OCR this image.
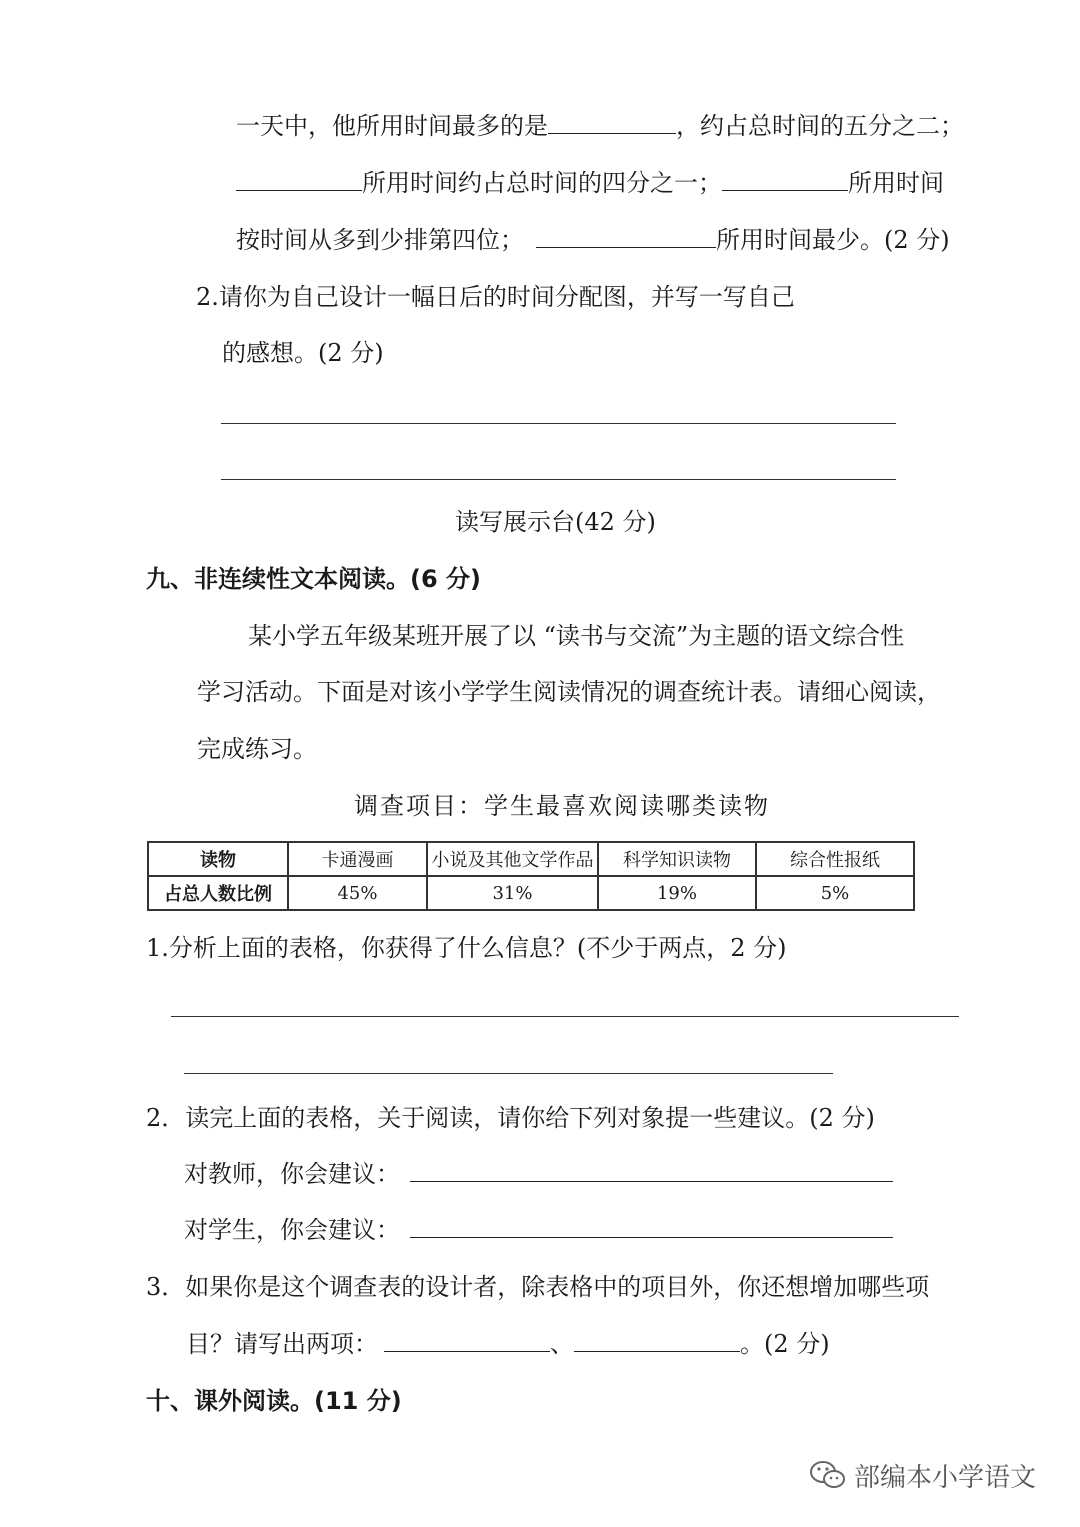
一天中，他所用时间最多的是	，约占总时间的五分之二；
所用时间约占总时间的四分之一；	所用时间
按时间从多到少排第四位；	所用时间最少。(2 分)
2.请你为自己设计一幅日后的时间分配图，并写一写自己
的感想。(2 分)
读写展示台(42 分)
九、非连续性文本阅读。(6 分)
某小学五年级某班开展了以 “读书与交流”为主题的语文综合性
学习活动。下面是对该小学学生阅读情况的调查统计表。请细心阅读，
完成练习。
调查项目：学生最喜欢阅读哪类读物
读物	卡通漫画	小说及其他文学作品	科学知识读物	综合性报纸
占总人数比例	45%	31%	19%	5%
1.分析上面的表格，你获得了什么信息？(不少于两点，2 分)
2．读完上面的表格，关于阅读，请你给下列对象提一些建议。(2 分)
对教师，你会建议：
对学生，你会建议：
3．如果你是这个调查表的设计者，除表格中的项目外，你还想增加哪些项
目？请写出两项：	、	。(2 分)
十、课外阅读。(11 分)
部编本小学语文
